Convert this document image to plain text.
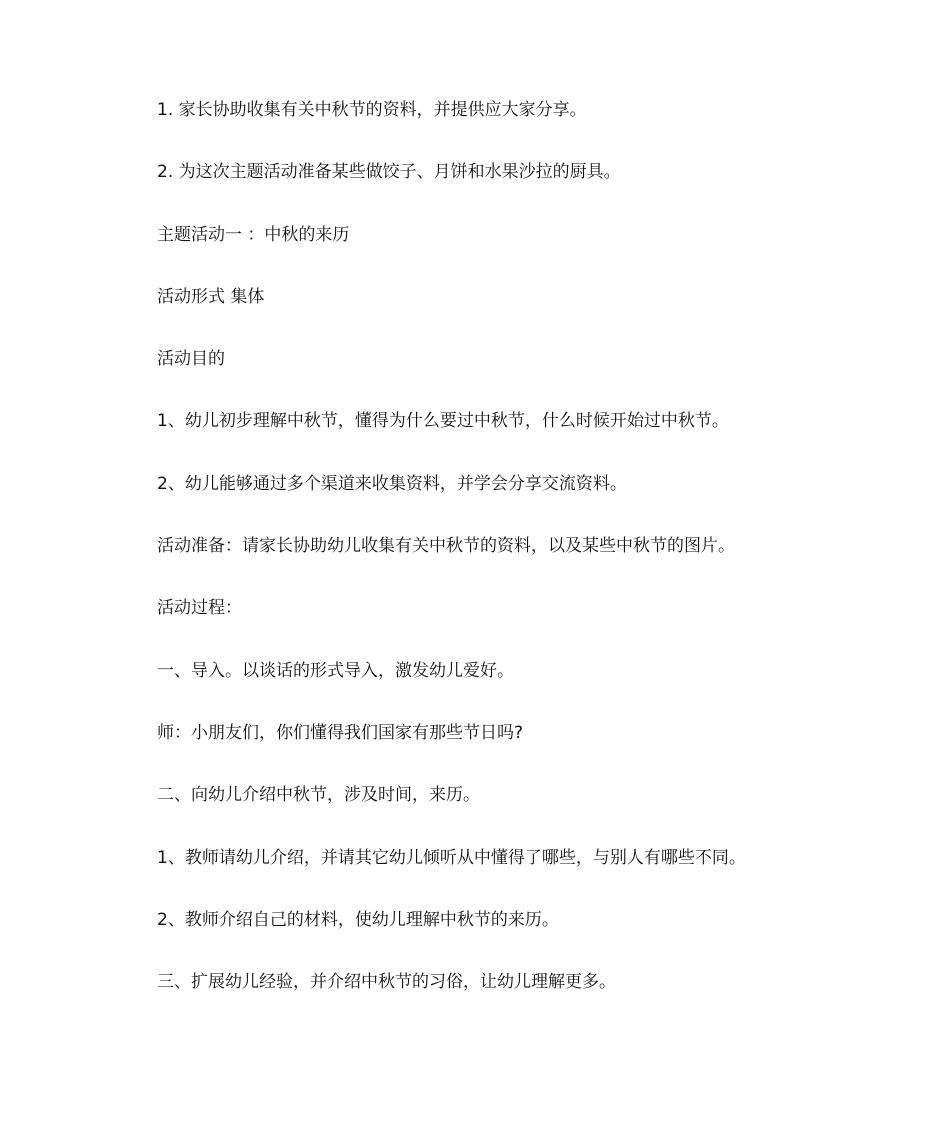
1. 家长协助收集有关中秋节的资料，并提供应大家分享。
2. 为这次主题活动准备某些做饺子、月饼和水果沙拉的厨具。
主题活动一 ：中秋的来历
活动形式 集体
活动目的
1、幼儿初步理解中秋节，懂得为什么要过中秋节，什么时候开始过中秋节。
2、幼儿能够通过多个渠道来收集资料，并学会分享交流资料。
活动准备：请家长协助幼儿收集有关中秋节的资料，以及某些中秋节的图片。
活动过程：
一、导入。以谈话的形式导入，激发幼儿爱好。
师：小朋友们，你们懂得我们国家有那些节日吗?
二、向幼儿介绍中秋节，涉及时间，来历。
1、教师请幼儿介绍，并请其它幼儿倾听从中懂得了哪些，与别人有哪些不同。
2、教师介绍自己的材料，使幼儿理解中秋节的来历。
三、扩展幼儿经验，并介绍中秋节的习俗，让幼儿理解更多。
